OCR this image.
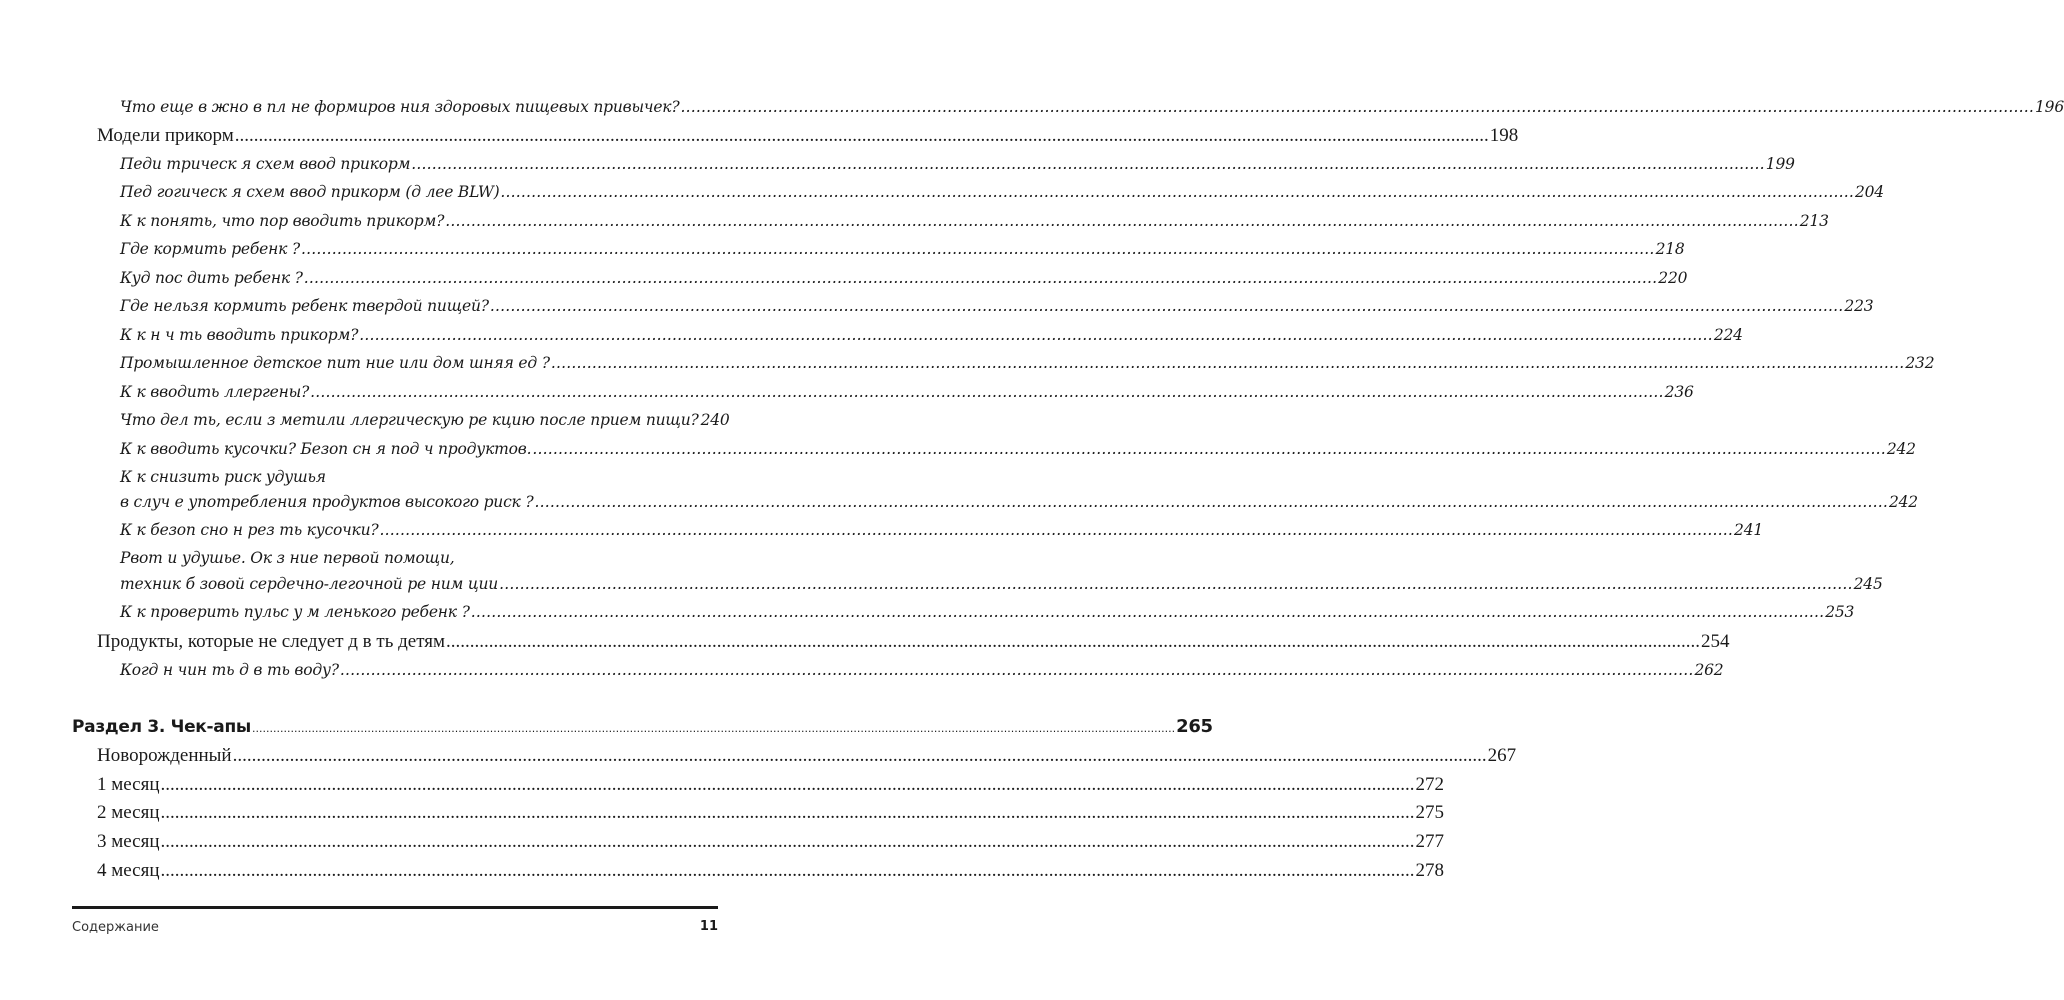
Что еще в жно в пл не формиров ния здоровых пищевых привычек? .....	196
Модели прикорм .....	198
Педи трическ я схем ввод прикорм .....	199
Пед гогическ я схем ввод прикорм (д лее BLW) .....	204
К к понять, что пор вводить прикорм? .....	213
Где кормить ребенк ? .....	218
Куд пос дить ребенк ? .....	220
Где нельзя кормить ребенк твердой пищей? .....	223
К к н ч ть вводить прикорм? .....	224
Промышленное детское пит ние или дом шняя ед ? .....	232
К к вводить ллергены? .....	236
Что дел ть, если з метили ллергическую ре кцию после прием пищи? 240
К к вводить кусочки? Безоп сн я под ч продуктов. .....	242
К к снизить риск удушья
в случ е употребления продуктов высокого риск ? .....	242
К к безоп сно н рез ть кусочки? .....	241
Рвот и удушье. Ок з ние первой помощи,
техник б зовой сердечно-легочной ре ним ции .....	245
К к проверить пульс у м ленького ребенк ? .....	253
Продукты, которые не следует д в ть детям .....	254
Когд н чин ть д в ть воду? .....	262
Раздел 3. Чек-апы .....	265
Новорожденный .....	267
1 месяц .....	272
2 месяц .....	275
3 месяц .....	277
4 месяц .....	278
Содержание	11
